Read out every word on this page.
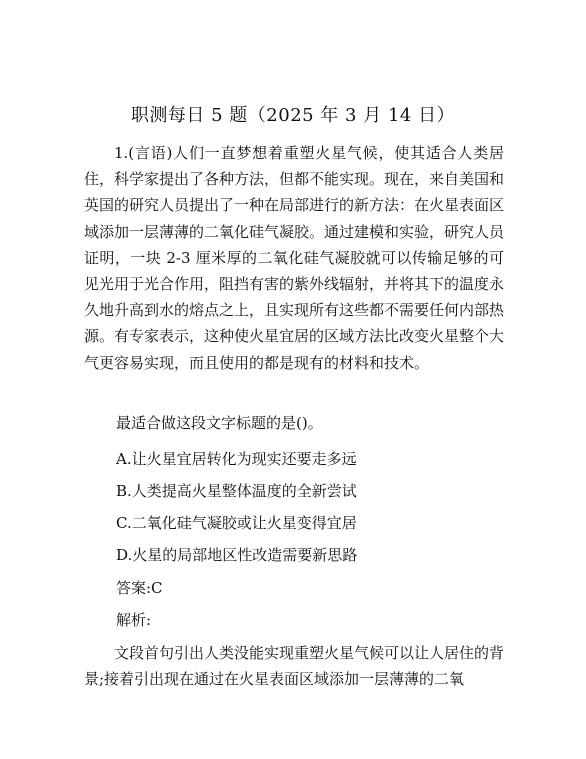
职测每日 5 题（2025 年 3 月 14 日）

1.(言语)人们一直梦想着重塑火星气候，使其适合人类居住，科学家提出了各种方法，但都不能实现。现在，来自美国和英国的研究人员提出了一种在局部进行的新方法：在火星表面区域添加一层薄薄的二氧化硅气凝胶。通过建模和实验，研究人员证明，一块 2-3 厘米厚的二氧化硅气凝胶就可以传输足够的可见光用于光合作用，阻挡有害的紫外线辐射，并将其下的温度永久地升高到水的熔点之上，且实现所有这些都不需要任何内部热源。有专家表示，这种使火星宜居的区域方法比改变火星整个大气更容易实现，而且使用的都是现有的材料和技术。

最适合做这段文字标题的是()。
A.让火星宜居转化为现实还要走多远
B.人类提高火星整体温度的全新尝试
C.二氧化硅气凝胶或让火星变得宜居
D.火星的局部地区性改造需要新思路
答案:C
解析:

文段首句引出人类没能实现重塑火星气候可以让人居住的背景;接着引出现在通过在火星表面区域添加一层薄薄的二氧
